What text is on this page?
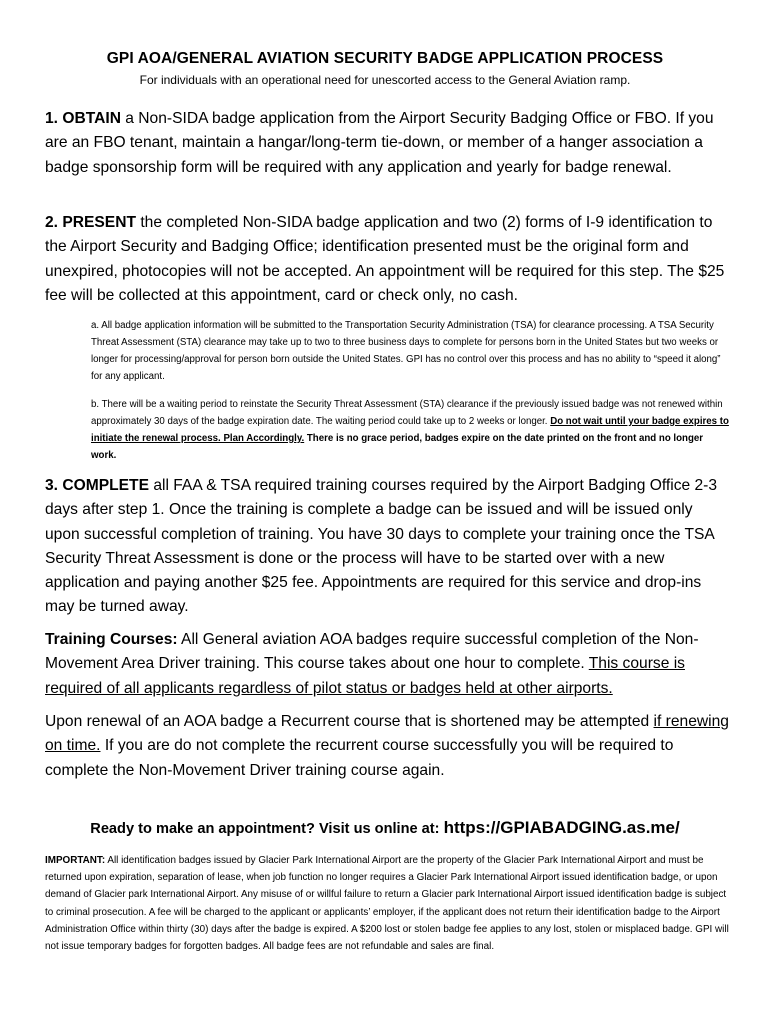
GPI AOA/GENERAL AVIATION SECURITY BADGE APPLICATION PROCESS
For individuals with an operational need for unescorted access to the General Aviation ramp.
1. OBTAIN a Non-SIDA badge application from the Airport Security Badging Office or FBO. If you are an FBO tenant, maintain a hangar/long-term tie-down, or member of a hanger association a badge sponsorship form will be required with any application and yearly for badge renewal.
2. PRESENT the completed Non-SIDA badge application and two (2) forms of I-9 identification to the Airport Security and Badging Office; identification presented must be the original form and unexpired, photocopies will not be accepted. An appointment will be required for this step. The $25 fee will be collected at this appointment, card or check only, no cash.
a. All badge application information will be submitted to the Transportation Security Administration (TSA) for clearance processing. A TSA Security Threat Assessment (STA) clearance may take up to two to three business days to complete for persons born in the United States but two weeks or longer for processing/approval for person born outside the United States. GPI has no control over this process and has no ability to “speed it along” for any applicant.
b. There will be a waiting period to reinstate the Security Threat Assessment (STA) clearance if the previously issued badge was not renewed within approximately 30 days of the badge expiration date. The waiting period could take up to 2 weeks or longer. Do not wait until your badge expires to initiate the renewal process. Plan Accordingly. There is no grace period, badges expire on the date printed on the front and no longer work.
3. COMPLETE all FAA & TSA required training courses required by the Airport Badging Office 2-3 days after step 1. Once the training is complete a badge can be issued and will be issued only upon successful completion of training. You have 30 days to complete your training once the TSA Security Threat Assessment is done or the process will have to be started over with a new application and paying another $25 fee. Appointments are required for this service and drop-ins may be turned away.
Training Courses: All General aviation AOA badges require successful completion of the Non-Movement Area Driver training. This course takes about one hour to complete. This course is required of all applicants regardless of pilot status or badges held at other airports.
Upon renewal of an AOA badge a Recurrent course that is shortened may be attempted if renewing on time. If you are do not complete the recurrent course successfully you will be required to complete the Non-Movement Driver training course again.
Ready to make an appointment? Visit us online at: https://GPIABADGING.as.me/
IMPORTANT: All identification badges issued by Glacier Park International Airport are the property of the Glacier Park International Airport and must be returned upon expiration, separation of lease, when job function no longer requires a Glacier Park International Airport issued identification badge, or upon demand of Glacier park International Airport. Any misuse of or willful failure to return a Glacier park International Airport issued identification badge is subject to criminal prosecution. A fee will be charged to the applicant or applicants’ employer, if the applicant does not return their identification badge to the Airport Administration Office within thirty (30) days after the badge is expired. A $200 lost or stolen badge fee applies to any lost, stolen or misplaced badge. GPI will not issue temporary badges for forgotten badges. All badge fees are not refundable and sales are final.
